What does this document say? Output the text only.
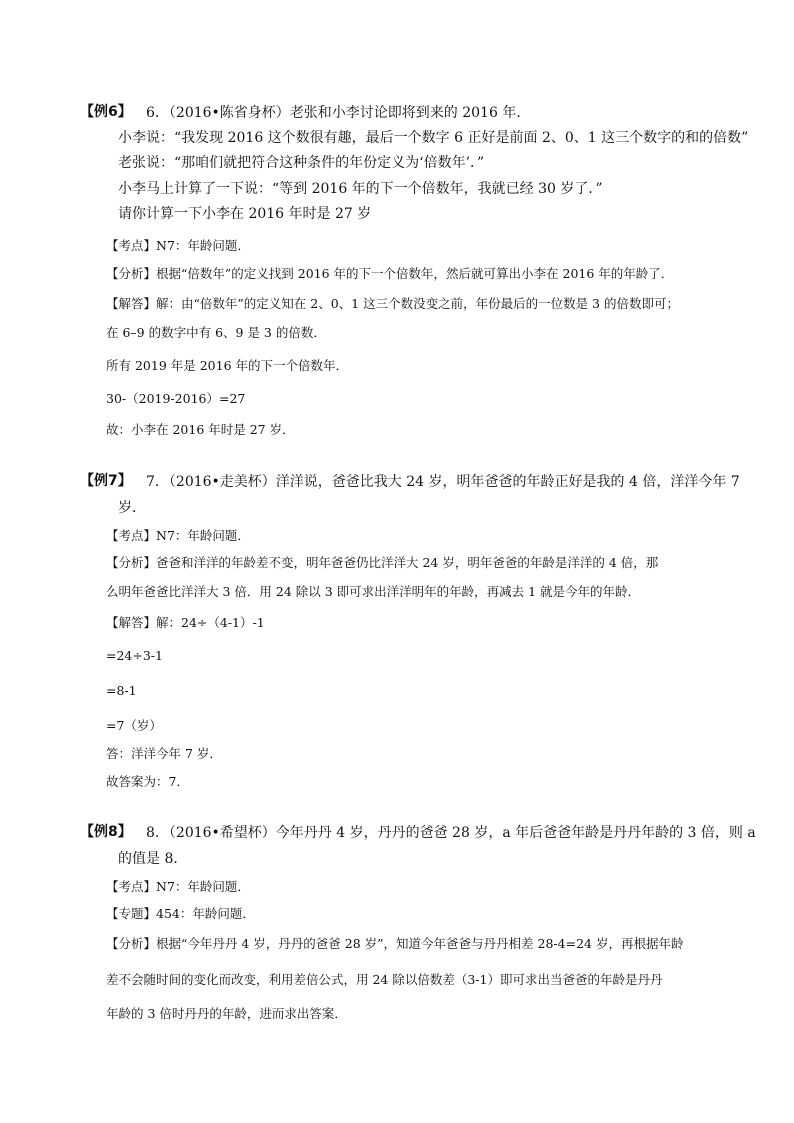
【例6】 6．（2016•陈省身杯）老张和小李讨论即将到来的 2016 年．
小李说：“我发现 2016 这个数很有趣，最后一个数字 6 正好是前面 2、0、1 这三个数字的和的倍数”
老张说：“那咱们就把符合这种条件的年份定义为‘倍数年’．”
小李马上计算了一下说：“等到 2016 年的下一个倍数年，我就已经 30 岁了．”
请你计算一下小李在 2016 年时是 27 岁
【考点】N7：年龄问题．
【分析】根据“倍数年”的定义找到 2016 年的下一个倍数年，然后就可算出小李在 2016 年的年龄了．
【解答】解：由“倍数年”的定义知在 2、0、1 这三个数没变之前，年份最后的一位数是 3 的倍数即可；
在 6–9 的数字中有 6、9 是 3 的倍数．
所有 2019 年是 2016 年的下一个倍数年．
30-（2019-2016）=27
故：小李在 2016 年时是 27 岁．
【例7】 7．（2016•走美杯）洋洋说，爸爸比我大 24 岁，明年爸爸的年龄正好是我的 4 倍，洋洋今年 7
岁．
【考点】N7：年龄问题．
【分析】爸爸和洋洋的年龄差不变，明年爸爸仍比洋洋大 24 岁，明年爸爸的年龄是洋洋的 4 倍，那
么明年爸爸比洋洋大 3 倍．用 24 除以 3 即可求出洋洋明年的年龄，再减去 1 就是今年的年龄．
【解答】解：24÷（4-1）-1
=24÷3-1
=8-1
=7（岁）
答：洋洋今年 7 岁．
故答案为：7．
【例8】 8．（2016•希望杯）今年丹丹 4 岁，丹丹的爸爸 28 岁，a 年后爸爸年龄是丹丹年龄的 3 倍，则 a
的值是 8．
【考点】N7：年龄问题．
【专题】454：年龄问题．
【分析】根据“今年丹丹 4 岁，丹丹的爸爸 28 岁”，知道今年爸爸与丹丹相差 28-4=24 岁，再根据年龄
差不会随时间的变化而改变，利用差倍公式，用 24 除以倍数差（3-1）即可求出当爸爸的年龄是丹丹
年龄的 3 倍时丹丹的年龄，进而求出答案．
